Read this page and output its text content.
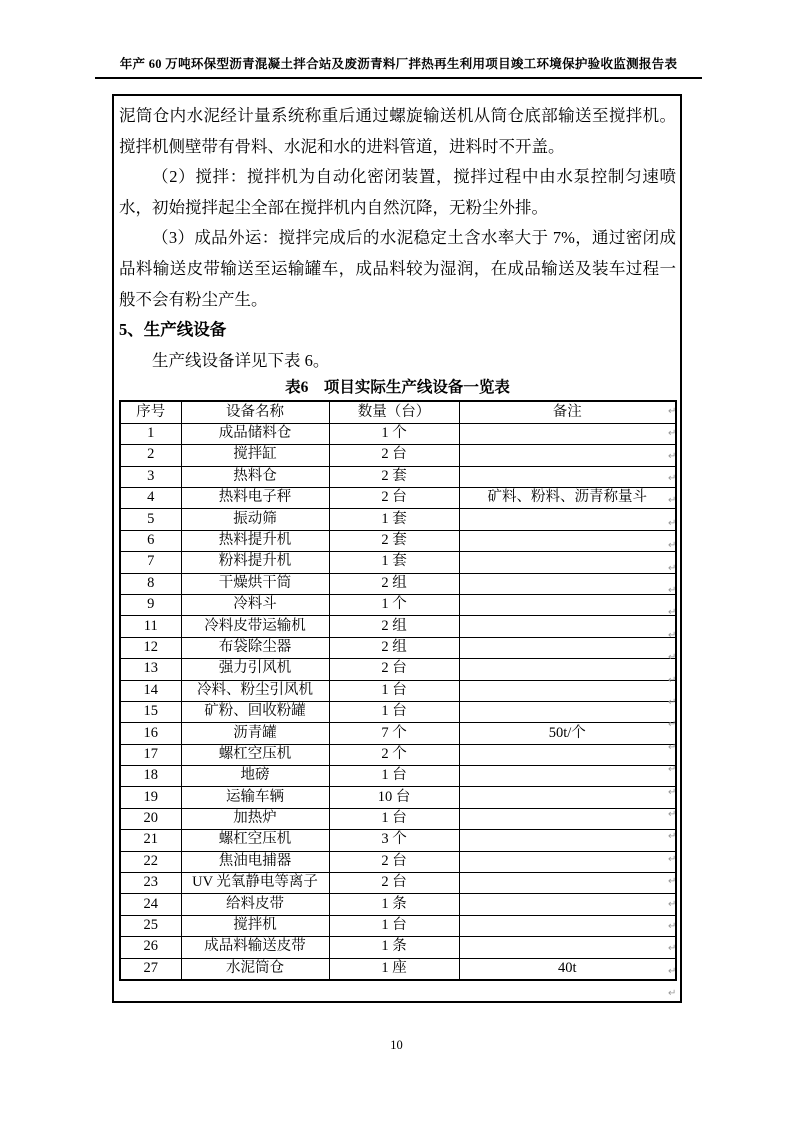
年产 60 万吨环保型沥青混凝土拌合站及废沥青料厂拌热再生利用项目竣工环境保护验收监测报告表
泥筒仓内水泥经计量系统称重后通过螺旋输送机从筒仓底部输送至搅拌机。搅拌机侧壁带有骨料、水泥和水的进料管道，进料时不开盖。
（2）搅拌：搅拌机为自动化密闭装置，搅拌过程中由水泵控制匀速喷水，初始搅拌起尘全部在搅拌机内自然沉降，无粉尘外排。
（3）成品外运：搅拌完成后的水泥稳定土含水率大于 7%，通过密闭成品料输送皮带输送至运输罐车，成品料较为湿润，在成品输送及装车过程一般不会有粉尘产生。
5、生产线设备
生产线设备详见下表 6。
表6　项目实际生产线设备一览表
序号	设备名称	数量（台）	备注
1	成品储料仓	1 个	
2	搅拌缸	2 台	
3	热料仓	2 套	
4	热料电子秤	2 台	矿料、粉料、沥青称量斗
5	振动筛	1 套	
6	热料提升机	2 套	
7	粉料提升机	1 套	
8	干燥烘干筒	2 组	
9	冷料斗	1 个	
11	冷料皮带运输机	2 组	
12	布袋除尘器	2 组	
13	强力引风机	2 台	
14	冷料、粉尘引风机	1 台	
15	矿粉、回收粉罐	1 台	
16	沥青罐	7 个	50t/个
17	螺杠空压机	2 个	
18	地磅	1 台	
19	运输车辆	10 台	
20	加热炉	1 台	
21	螺杠空压机	3 个	
22	焦油电捕器	2 台	
23	UV 光氧静电等离子	2 台	
24	给料皮带	1 条	
25	搅拌机	1 台	
26	成品料输送皮带	1 条	
27	水泥筒仓	1 座	40t
↵
↵
↵
↵
↵
↵
↵
↵
↵
↵
↵
↵
↵
↵
↵
↵
↵
↵
↵
↵
↵
↵
↵
↵
↵
↵
↵
10
